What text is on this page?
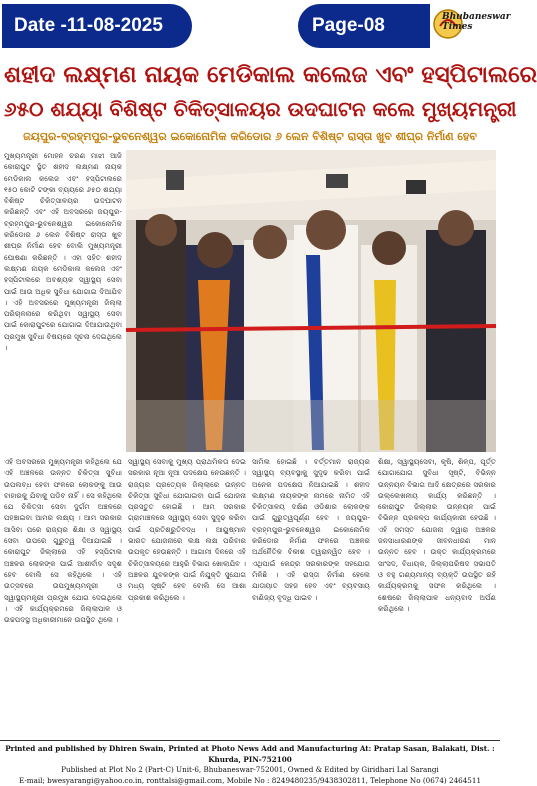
Date -11-08-2025	Page-08	Bhubaneswar Times
ଶହୀଦ ଲକ୍ଷ୍ମଣ ନାୟକ ମେଡିକାଲ କଲେଜ ଏବଂ ହସ୍ପିଟାଲରେ
୬୫୦ ଶଯ୍ୟା ବିଶିଷ୍ଟ ଚିକିତ୍ସାଳୟର ଉଦଘାଟନ କଲେ ମୁଖ୍ୟମନ୍ତ୍ରୀ
ଜୟପୁର-ବ୍ରହ୍ମପୁର-ଭୁବନେଶ୍ୱର ଇକୋନୋମିକ କରିଡୋର ୬ ଲେନ ବିଶିଷ୍ଟ ରାସ୍ତା ଖୁବ ଶୀଘ୍ର ନିର୍ମାଣ ହେବ

ମୁଖ୍ୟମନ୍ତ୍ରୀ ମୋହନ ଚରଣ ମାଝୀ ଆଜି କୋରାପୁଟ ସ୍ଥିତ ଶହୀଦ ଲକ୍ଷ୍ମଣ ନାୟକ ମେଡିକାଲ କଲେଜ ଏବଂ ହସ୍ପିଟାଲରେ ୧୫୦ କୋଟି ଟଙ୍କା ବ୍ୟୟରେ ୬୫୦ ଶଯ୍ୟା ବିଶିଷ୍ଟ ଚିକିତ୍ସାଳୟର ଉଦଘାଟନ କରିଛନ୍ତି ଏବଂ ଏହି ଅବସରରେ ଜୟପୁର-ବ୍ରହ୍ମପୁର-ଭୁବନେଶ୍ୱର ଇକୋନୋମିକ କରିଡୋର ୬ ଲେନ ବିଶିଷ୍ଟ ରାସ୍ତା ଖୁବ ଶୀଘ୍ର ନିର୍ମାଣ ହେବ ବୋଲି ମୁଖ୍ୟମନ୍ତ୍ରୀ ଘୋଷଣା କରିଛନ୍ତି । ଏହା ସହିତ ଶହୀଦ ଲକ୍ଷ୍ମଣ ନାୟକ ମେଡିକାଲ କଲେଜ ଏବଂ ହସ୍ପିଟାଲରେ ଅବଶ୍ୟକ ସ୍ୱାସ୍ଥ୍ୟ ସେବା ପାଇଁ ଆଉ ଅଧିକ ସୁବିଧା ଯୋଗାଇ ଦିଆଯିବ । ଏହି ଅବସରରେ ମୁଖ୍ୟମନ୍ତ୍ରୀ ଜିଲ୍ଲା ପରିଚାଳନାରେ କରିଥିବା ସ୍ୱାସ୍ଥ୍ୟ ସେବା ପାଇଁ କୋରାପୁଟରେ ଯୋଗାଇ ଦିଆଯାଉଥିବା ପ୍ରମୁଖ ସୁବିଧା ବିଷୟରେ ସୂଚନା ଦେଇଥିଲେ ।

ଏହି ଅବସରରେ ମୁଖ୍ୟମନ୍ତ୍ରୀ କହିଥିଲେ ଯେ ଏହି ଅଞ୍ଚଳରେ ଉନ୍ନତ ଚିକିତ୍ସା ସୁବିଧା ଉପଲବ୍ଧ ହେବା ଫଳରେ ଲୋକଙ୍କୁ ଆଉ ବାହାରକୁ ଯିବାକୁ ପଡିବ ନାହିଁ । ସେ କହିଥିଲେ ଯେ ଚିକିତ୍ସା ସେବା ଦୁର୍ଗମ ଅଞ୍ଚଳରେ ପହଞ୍ଚାଇବା ଆମର ଲକ୍ଷ୍ୟ । ଆମ ସରକାର ଆସିବା ପରେ ରାଜ୍ୟର ଶିକ୍ଷା ଓ ସ୍ୱାସ୍ଥ୍ୟ ସେବା ଉପରେ ଗୁରୁତ୍ୱ ଦିଆଯାଇଛି । କୋରାପୁଟ ଜିଲ୍ଲାରେ ଏହି ହସ୍ପିଟାଲ ଅଞ୍ଚଳର ଲୋକଙ୍କ ପାଇଁ ଆଶୀର୍ବାଦ ସଦୃଶ ହେବ ବୋଲି ସେ କହିଥିଲେ । ଏହି ଉତ୍ସବରେ ଉପମୁଖ୍ୟମନ୍ତ୍ରୀ ଓ ସ୍ୱାସ୍ଥ୍ୟମନ୍ତ୍ରୀ ପ୍ରମୁଖ ଯୋଗ ଦେଇଥିଲେ । ଏହି କାର୍ଯ୍ୟକ୍ରମରେ ଜିଲ୍ଲାପାଳ ଓ ଉଚ୍ଚପଦସ୍ଥ ଅଧିକାରୀମାନେ ଉପସ୍ଥିତ ଥିଲେ ।
ସ୍ୱାସ୍ଥ୍ୟ ସେବାକୁ ମୁଖ୍ୟ ପ୍ରାଥମିକତା ଦେଇ ସରକାର ନୂଆ ନୂଆ ପଦକ୍ଷେପ ନେଉଛନ୍ତି । ରାଜ୍ୟର ପ୍ରତ୍ୟେକ ଜିଲ୍ଲାରେ ଉନ୍ନତ ଚିକିତ୍ସା ସୁବିଧା ଯୋଗାଇବା ପାଇଁ ଯୋଜନା ପ୍ରସ୍ତୁତ ହୋଇଛି । ଆମ ସରକାର ଗ୍ରାମାଞ୍ଚଳରେ ସ୍ୱାସ୍ଥ୍ୟ ସେବା ସୁଦୃଢ କରିବା ପାଇଁ ପ୍ରତିଶ୍ରୁତିବଦ୍ଧ । ଆୟୁଷ୍ମାନ ଭାରତ ଯୋଜନାରେ ଲକ୍ଷ ଲକ୍ଷ ପରିବାର ଉପକୃତ ହେଉଛନ୍ତି । ଆଗାମୀ ଦିନରେ ଏହି ଚିକିତ୍ସାଳୟରେ ଆହୁରି ବିଭାଗ ଖୋଲାଯିବ । ଅଞ୍ଚଳର ଯୁବକଙ୍କ ପାଇଁ ନିଯୁକ୍ତି ସୁଯୋଗ ମଧ୍ୟ ସୃଷ୍ଟି ହେବ ବୋଲି ସେ ଆଶା ପ୍ରକାଶ କରିଥିଲେ ।
ସାମିଲ ହୋଇଛି । ବର୍ତ୍ତମାନ ରାଜ୍ୟର ସ୍ୱାସ୍ଥ୍ୟ ବ୍ୟବସ୍ଥାକୁ ସୁଦୃଢ କରିବା ପାଇଁ ଅନେକ ପଦକ୍ଷେପ ନିଆଯାଇଛି । ଶହୀଦ ଲକ୍ଷ୍ମଣ ନାୟକଙ୍କ ନାମରେ ନାମିତ ଏହି ଚିକିତ୍ସାଳୟ ଦକ୍ଷିଣ ଓଡିଶାର ଲୋକଙ୍କ ପାଇଁ ଗୁରୁତ୍ୱପୂର୍ଣ୍ଣ ହେବ । ଜୟପୁର-ବ୍ରହ୍ମପୁର-ଭୁବନେଶ୍ୱର ଇକୋନୋମିକ କରିଡୋର ନିର୍ମାଣ ଫଳରେ ଅଞ୍ଚଳର ଅର୍ଥନୈତିକ ବିକାଶ ତ୍ୱରାନ୍ୱିତ ହେବ । ଏଥିପାଇଁ କେନ୍ଦ୍ର ସରକାରଙ୍କ ସହଯୋଗ ମିଳିଛି । ଏହି ରାସ୍ତା ନିର୍ମାଣ ହେଲେ ଯାତାୟାତ ସହଜ ହେବ ଏବଂ ବ୍ୟବସାୟ ବାଣିଜ୍ୟ ବୃଦ୍ଧି ପାଇବ ।
ଶିକ୍ଷା, ସ୍ୱାସ୍ଥ୍ୟସେବା, କୃଷି, ଶିଳ୍ପ, ପୂର୍ତ୍ତ ଯୋଗାଯୋଗ ସୁବିଧା ସୃଷ୍ଟି, ବିଭିନ୍ନ ଉନ୍ନୟନ ବିଭାଗ ଆଦି କ୍ଷେତ୍ରରେ ସରକାର ଉଲ୍ଲେଖନୀୟ କାର୍ଯ୍ୟ କରିଛନ୍ତି । କୋରାପୁଟ ଜିଲ୍ଲାର ଉନ୍ନୟନ ପାଇଁ ବିଭିନ୍ନ ପ୍ରକଳ୍ପ କାର୍ଯ୍ୟକାରୀ ହେଉଛି । ଏହି ସମସ୍ତ ଯୋଜନା ଦ୍ୱାରା ଅଞ୍ଚଳର ଜନସାଧାରଣଙ୍କ ଜୀବନଧାରଣ ମାନ ଉନ୍ନତ ହେବ । ଉକ୍ତ କାର୍ଯ୍ୟକ୍ରମରେ ସାଂସଦ, ବିଧାୟକ, ଜିଲ୍ଲାପରିଷଦ ସଭାପତି ଓ ବହୁ ଗଣ୍ୟମାନ୍ୟ ବ୍ୟକ୍ତି ଉପସ୍ଥିତ ରହି କାର୍ଯ୍ୟକ୍ରମକୁ ସଫଳ କରିଥିଲେ । ଶେଷରେ ଜିଲ୍ଲାପାଳ ଧନ୍ୟବାଦ ଅର୍ପଣ କରିଥିଲେ ।
Printed and published by Dhiren Swain, Printed at Photo News Add and Manufacturing At: Pratap Sasan, Balakati, Dist. : Khurda, PIN-752100
Published at Plot No 2 (Part-C) Unit-6, Bhubaneswar-752001, Owned & Edited by Giridhari Lal Sarangi
E-mail; bwesyarangi@yahoo.co.in, ronttalsi@gmail.com, Mobile No : 8249480235/9438302811, Telephone No (0674) 2464511
